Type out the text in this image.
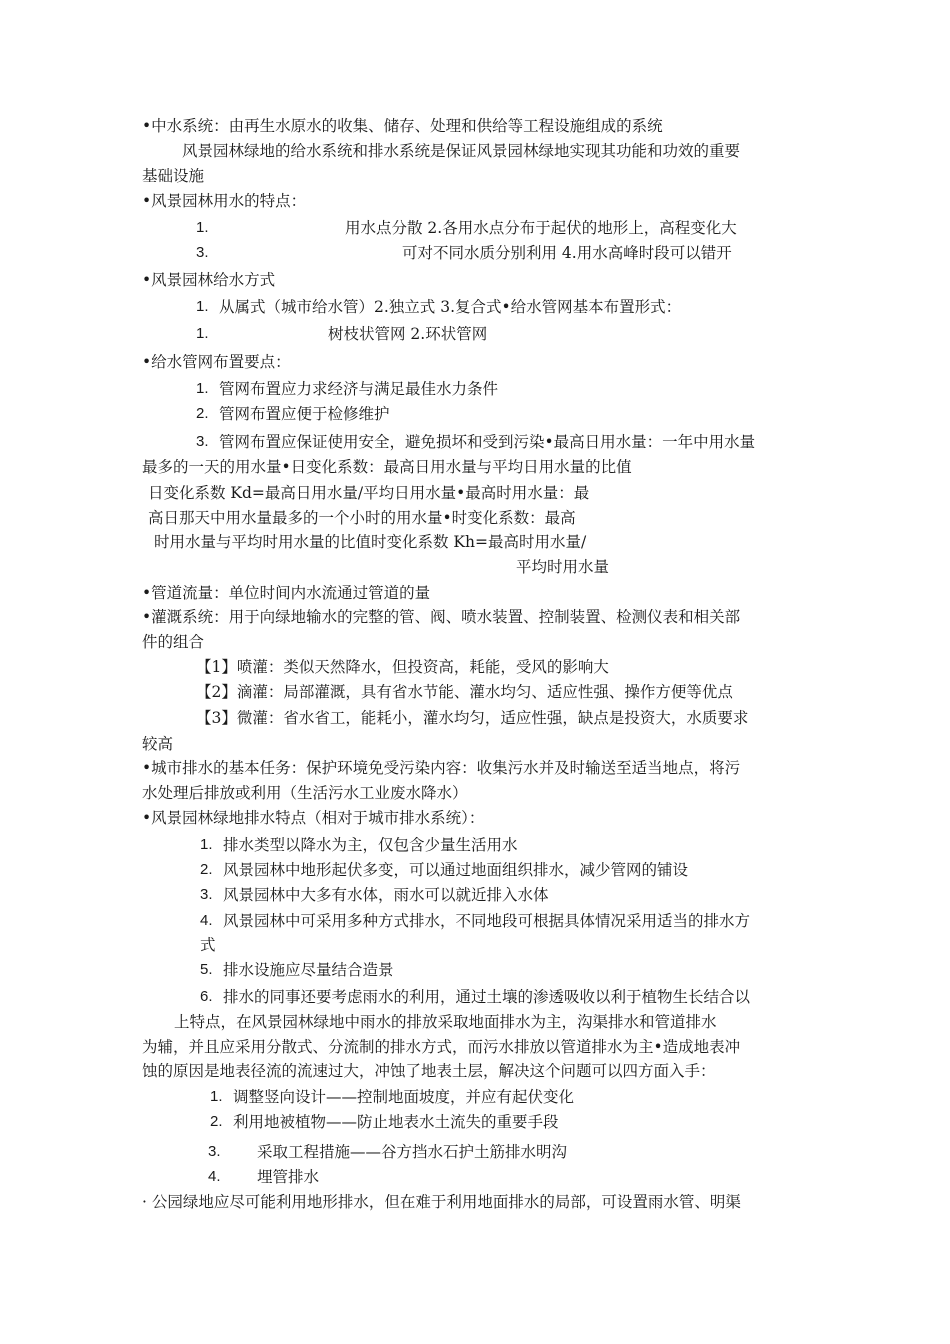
•中水系统：由再生水原水的收集、储存、处理和供给等工程设施组成的系统
风景园林绿地的给水系统和排水系统是保证风景园林绿地实现其功能和功效的重要
基础设施
•风景园林用水的特点：
1.	用水点分散 2.各用水点分布于起伏的地形上，高程变化大
3.	可对不同水质分别利用 4.用水高峰时段可以错开
•风景园林给水方式
1. 从属式（城市给水管）2.独立式 3.复合式•给水管网基本布置形式：
1.	树枝状管网 2.环状管网
•给水管网布置要点：
1. 管网布置应力求经济与满足最佳水力条件
2. 管网布置应便于检修维护
3. 管网布置应保证使用安全，避免损坏和受到污染•最高日用水量：一年中用水量
最多的一天的用水量•日变化系数：最高日用水量与平均日用水量的比值
日变化系数 Kd=最高日用水量/平均日用水量•最高时用水量：最
高日那天中用水量最多的一个小时的用水量•时变化系数：最高
时用水量与平均时用水量的比值时变化系数 Kh=最高时用水量/
平均时用水量
•管道流量：单位时间内水流通过管道的量
•灌溉系统：用于向绿地输水的完整的管、阀、喷水装置、控制装置、检测仪表和相关部
件的组合
【1】喷灌：类似天然降水，但投资高，耗能，受风的影响大
【2】滴灌：局部灌溉，具有省水节能、灌水均匀、适应性强、操作方便等优点
【3】微灌：省水省工，能耗小，灌水均匀，适应性强，缺点是投资大，水质要求
较高
•城市排水的基本任务：保护环境免受污染内容：收集污水并及时输送至适当地点，将污
水处理后排放或利用（生活污水工业废水降水）
•风景园林绿地排水特点（相对于城市排水系统）：
1. 排水类型以降水为主，仅包含少量生活用水
2. 风景园林中地形起伏多变，可以通过地面组织排水，减少管网的铺设
3. 风景园林中大多有水体，雨水可以就近排入水体
4. 风景园林中可采用多种方式排水，不同地段可根据具体情况采用适当的排水方
式
5. 排水设施应尽量结合造景
6. 排水的同事还要考虑雨水的利用，通过土壤的渗透吸收以利于植物生长结合以
上特点，在风景园林绿地中雨水的排放采取地面排水为主，沟渠排水和管道排水
为辅，并且应采用分散式、分流制的排水方式，而污水排放以管道排水为主•造成地表冲
蚀的原因是地表径流的流速过大，冲蚀了地表土层，解决这个问题可以四方面入手：
1. 调整竖向设计——控制地面坡度，并应有起伏变化
2. 利用地被植物——防止地表水土流失的重要手段
3. 采取工程措施——谷方挡水石护土筋排水明沟
4. 埋管排水
· 公园绿地应尽可能利用地形排水，但在难于利用地面排水的局部，可设置雨水管、明渠
